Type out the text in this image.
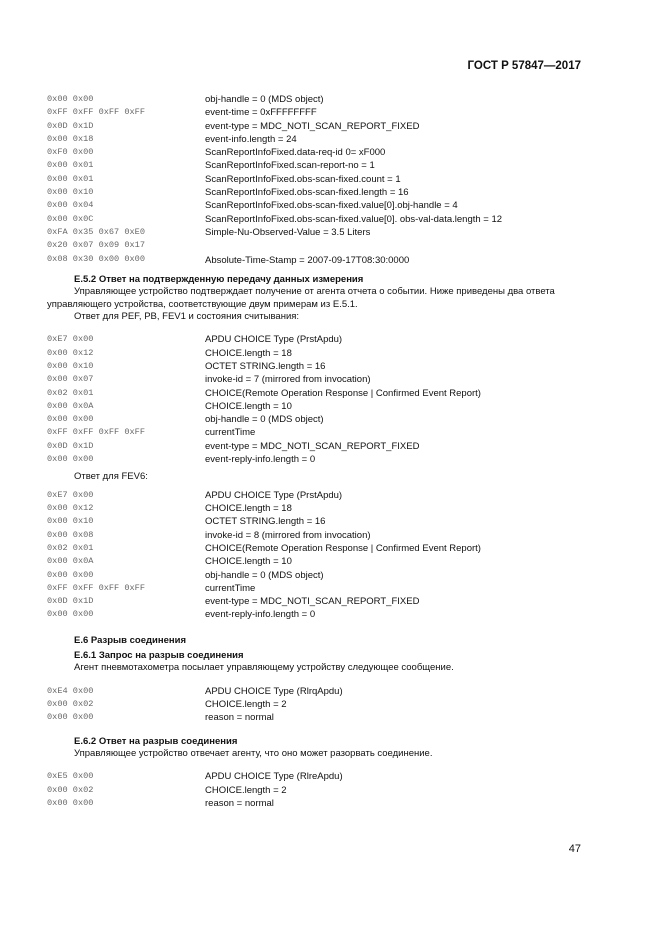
ГОСТ Р 57847—2017
0x00 0x00	obj-handle = 0 (MDS object)
0xFF 0xFF 0xFF 0xFF	event-time = 0xFFFFFFFF
0x0D 0x1D	event-type = MDC_NOTI_SCAN_REPORT_FIXED
0x00 0x18	event-info.length = 24
0xF0 0x00	ScanReportInfoFixed.data-req-id 0= xF000
0x00 0x01	ScanReportInfoFixed.scan-report-no = 1
0x00 0x01	ScanReportInfoFixed.obs-scan-fixed.count = 1
0x00 0x10	ScanReportInfoFixed.obs-scan-fixed.length = 16
0x00 0x04	ScanReportInfoFixed.obs-scan-fixed.value[0].obj-handle = 4
0x00 0x0C	ScanReportInfoFixed.obs-scan-fixed.value[0]. obs-val-data.length = 12
0xFA 0x35 0x67 0xE0	Simple-Nu-Observed-Value = 3.5 Liters
0x20 0x07 0x09 0x17
0x08 0x30 0x00 0x00	Absolute-Time-Stamp = 2007-09-17T08:30:0000
Е.5.2 Ответ на подтвержденную передачу данных измерения
Управляющее устройство подтверждает получение от агента отчета о событии. Ниже приведены два ответа
управляющего устройства, соответствующие двум примерам из Е.5.1.
Ответ для PEF, PB, FEV1 и состояния считывания:
0xE7 0x00	APDU CHOICE Type (PrstApdu)
0x00 0x12	CHOICE.length = 18
0x00 0x10	OCTET STRING.length = 16
0x00 0x07	invoke-id = 7 (mirrored from invocation)
0x02 0x01	CHOICE(Remote Operation Response | Confirmed Event Report)
0x00 0x0A	CHOICE.length = 10
0x00 0x00	obj-handle = 0 (MDS object)
0xFF 0xFF 0xFF 0xFF	currentTime
0x0D 0x1D	event-type = MDC_NOTI_SCAN_REPORT_FIXED
0x00 0x00	event-reply-info.length = 0
Ответ для FEV6:
0xE7 0x00	APDU CHOICE Type (PrstApdu)
0x00 0x12	CHOICE.length = 18
0x00 0x10	OCTET STRING.length = 16
0x00 0x08	invoke-id = 8 (mirrored from invocation)
0x02 0x01	CHOICE(Remote Operation Response | Confirmed Event Report)
0x00 0x0A	CHOICE.length = 10
0x00 0x00	obj-handle = 0 (MDS object)
0xFF 0xFF 0xFF 0xFF	currentTime
0x0D 0x1D	event-type = MDC_NOTI_SCAN_REPORT_FIXED
0x00 0x00	event-reply-info.length = 0
Е.6 Разрыв соединения
Е.6.1 Запрос на разрыв соединения
Агент пневмотахометра посылает управляющему устройству следующее сообщение.
0xE4 0x00	APDU CHOICE Type (RlrqApdu)
0x00 0x02	CHOICE.length = 2
0x00 0x00	reason = normal
Е.6.2 Ответ на разрыв соединения
Управляющее устройство отвечает агенту, что оно может разорвать соединение.
0xE5 0x00	APDU CHOICE Type (RlreApdu)
0x00 0x02	CHOICE.length = 2
0x00 0x00	reason = normal
47
